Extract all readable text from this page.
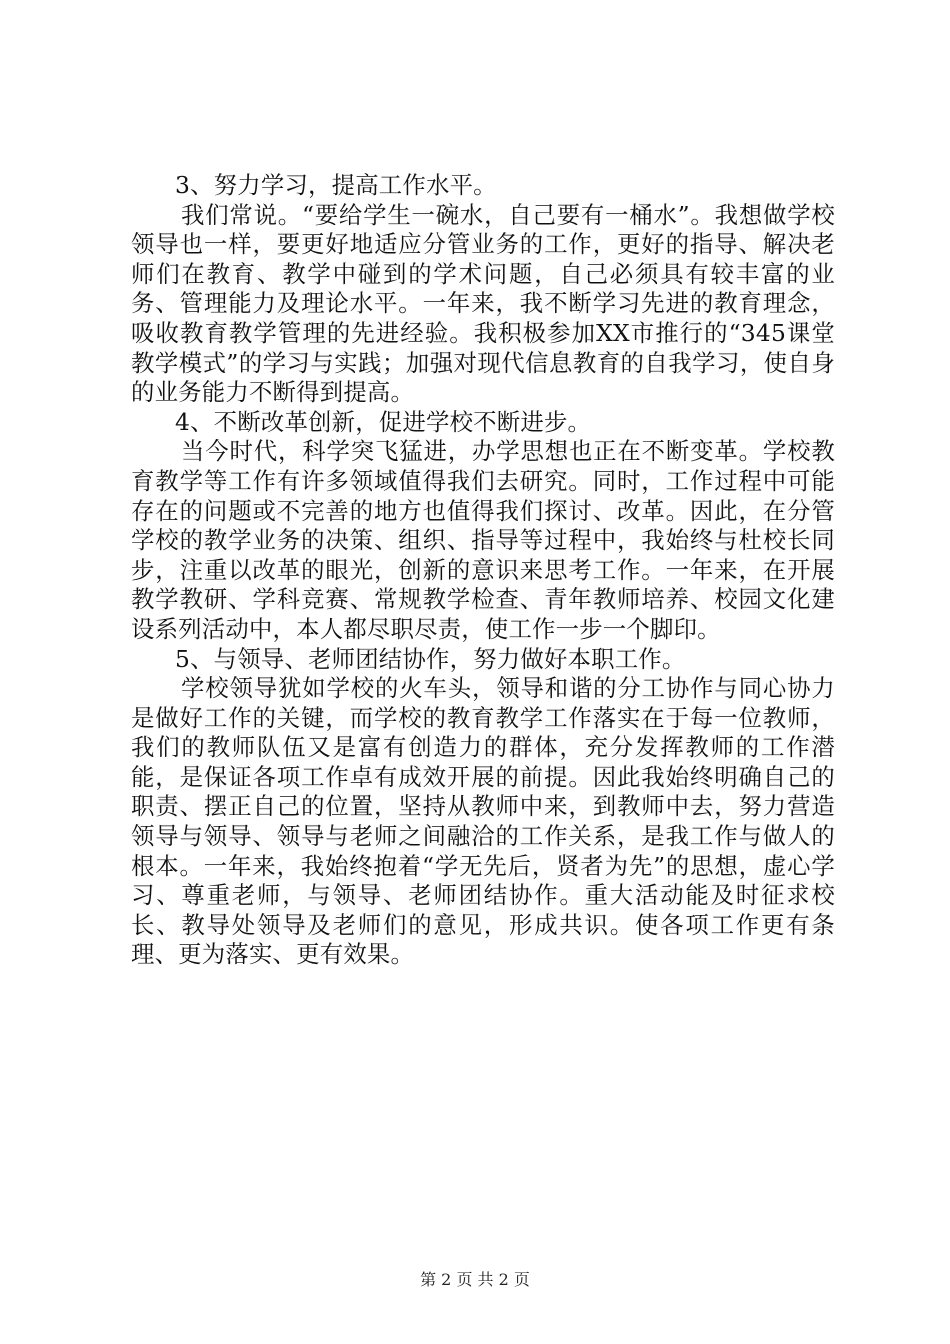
3、努力学习，提高工作水平。

我们常说。“要给学生一碗水，自己要有一桶水”。我想做学校领导也一样，要更好地适应分管业务的工作，更好的指导、解决老师们在教育、教学中碰到的学术问题，自己必须具有较丰富的业务、管理能力及理论水平。一年来，我不断学习先进的教育理念，吸收教育教学管理的先进经验。我积极参加XX市推行的“345课堂教学模式”的学习与实践；加强对现代信息教育的自我学习，使自身的业务能力不断得到提高。

4、不断改革创新，促进学校不断进步。

当今时代，科学突飞猛进，办学思想也正在不断变革。学校教育教学等工作有许多领域值得我们去研究。同时，工作过程中可能存在的问题或不完善的地方也值得我们探讨、改革。因此，在分管学校的教学业务的决策、组织、指导等过程中，我始终与杜校长同步，注重以改革的眼光，创新的意识来思考工作。一年来，在开展教学教研、学科竞赛、常规教学检查、青年教师培养、校园文化建设系列活动中，本人都尽职尽责，使工作一步一个脚印。

5、与领导、老师团结协作，努力做好本职工作。

学校领导犹如学校的火车头，领导和谐的分工协作与同心协力是做好工作的关键，而学校的教育教学工作落实在于每一位教师，我们的教师队伍又是富有创造力的群体，充分发挥教师的工作潜能，是保证各项工作卓有成效开展的前提。因此我始终明确自己的职责、摆正自己的位置，坚持从教师中来，到教师中去，努力营造领导与领导、领导与老师之间融洽的工作关系，是我工作与做人的根本。一年来，我始终抱着“学无先后，贤者为先”的思想，虚心学习、尊重老师，与领导、老师团结协作。重大活动能及时征求校长、教导处领导及老师们的意见，形成共识。使各项工作更有条理、更为落实、更有效果。

第 2 页 共 2 页
